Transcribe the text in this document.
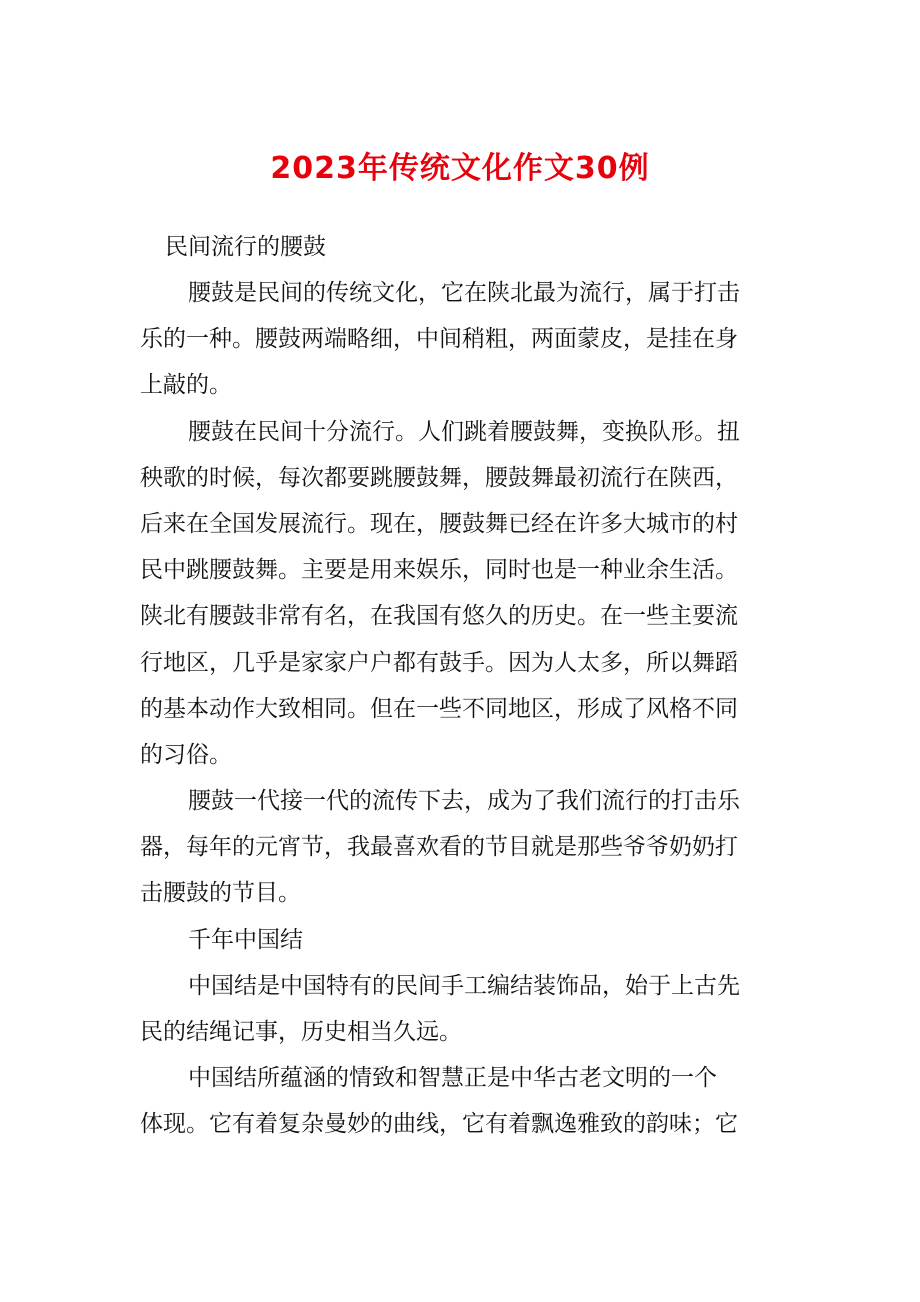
2023年传统文化作文30例

民间流行的腰鼓

腰鼓是民间的传统文化，它在陕北最为流行，属于打击

乐的一种。腰鼓两端略细，中间稍粗，两面蒙皮，是挂在身

上敲的。

腰鼓在民间十分流行。人们跳着腰鼓舞，变换队形。扭

秧歌的时候，每次都要跳腰鼓舞，腰鼓舞最初流行在陕西，

后来在全国发展流行。现在，腰鼓舞已经在许多大城市的村

民中跳腰鼓舞。主要是用来娱乐，同时也是一种业余生活。

陕北有腰鼓非常有名，在我国有悠久的历史。在一些主要流

行地区，几乎是家家户户都有鼓手。因为人太多，所以舞蹈

的基本动作大致相同。但在一些不同地区，形成了风格不同

的习俗。

腰鼓一代接一代的流传下去，成为了我们流行的打击乐

器，每年的元宵节，我最喜欢看的节目就是那些爷爷奶奶打

击腰鼓的节目。

千年中国结

中国结是中国特有的民间手工编结装饰品，始于上古先

民的结绳记事，历史相当久远。

中国结所蕴涵的情致和智慧正是中华古老文明的一个

体现。它有着复杂曼妙的曲线，它有着飘逸雅致的韵味；它
